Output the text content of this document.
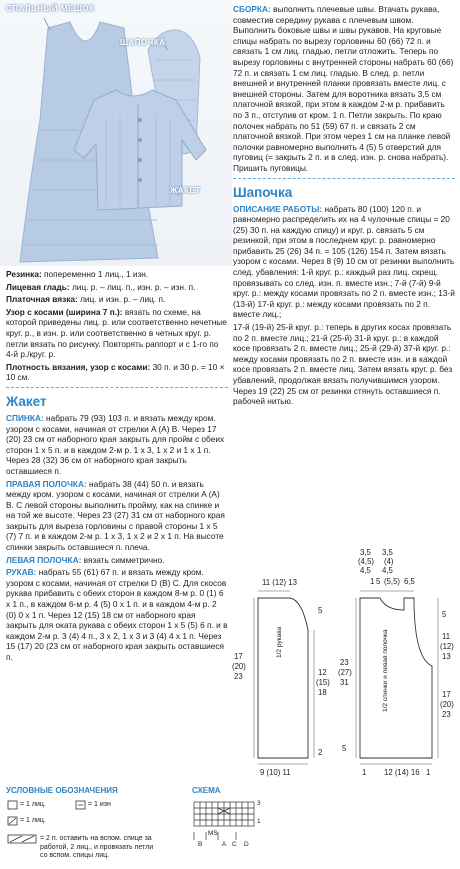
СПАЛЬНЫЙ МЕШОК
ШАПОЧКА
ЖАКЕТ

Резинка: попеременно 1 лиц., 1 изн.

Лицевая гладь: лиц. р. – лиц. п., изн. р. – изн. п.

Платочная вязка: лиц. и изн. р. – лиц. п.

Узор с косами (ширина 7 п.): вязать по схеме, на которой приведены лиц. р. или соответственно нечетные круг. р., в изн. р. или соответственно в четных круг. р. петли вязать по рисунку. Повторять раппорт и с 1-го по 4-й р./круг. р.

Плотность вязания, узор с косами: 30 п. и 30 р. = 10 × 10 см.

Жакет

СПИНКА: набрать 79 (93) 103 п. и вязать между кром. узором с косами, начиная от стрелки A (A) B. Через 17 (20) 23 см от наборного края закрыть для пройм с обеих сторон 1 х 5 п. и в каждом 2-м р. 1 х 3, 1 х 2 и 1 х 1 п. Через 28 (32) 36 см от наборного края закрыть оставшиеся п.

ПРАВАЯ ПОЛОЧКА: набрать 38 (44) 50 п. и вязать между кром. узором с косами, начиная от стрелки A (A) B. С левой стороны выполнить пройму, как на спинке и на той же высоте. Через 23 (27) 31 см от наборного края закрыть для выреза горловины с правой стороны 1 х 5 (7) 7 п. и в каждом 2-м р. 1 х 3, 1 х 2 и 2 х 1 п. На высоте спинки закрыть оставшиеся п. плеча.

ЛЕВАЯ ПОЛОЧКА: вязать симметрично.

РУКАВ: набрать 55 (61) 67 п. и вязать между кром. узором с косами, начиная от стрелки D (B) C. Для скосов рукава прибавить с обеих сторон в каждом 8-м р. 0 (1) 6 х 1 п., в каждом 6-м р. 4 (5) 0 х 1 п. и в каждом 4-м р. 2 (0) 0 х 1 п. Через 12 (15) 18 см от наборного края закрыть для оката рукава с обеих сторон 1 х 5 (5) 6 п. и в каждом 2-м р. 3 (4) 4 п., 3 х 2, 1 х 3 и 3 (4) 4 х 1 п. Через 15 (17) 20 (23 см от наборного края закрыть оставшиеся п.

УСЛОВНЫЕ ОБОЗНАЧЕНИЯ
= 1 лиц.	= 1 изн
= 1 лиц.
= 2 п. оставить на вспом. спице за работой, 2 лиц., и провязать петли со вспом. спицы лиц.
СХЕМА
3
1
B
MS
A C D

СБОРКА: выполнить плечевые швы. Втачать рукава, совместив середину рукава с плечевым швом. Выполнить боковые швы и швы рукавов. На круговые спицы набрать по вырезу горловины 60 (66) 72 п. и связать 1 см лиц. гладью, петли отложить. Теперь по вырезу горловины с внутренней стороны набрать 60 (66) 72 п. и связать 1 см лиц. гладью. В след. р. петли внешней и внутренней планки провязать вместе лиц. с внешней стороны. Затем для воротника вязать 3,5 см платочной вязкой, при этом в каждом 2-м р. прибавить по 3 п., отступив от кром. 1 п. Петли закрыть. По краю полочек набрать по 51 (59) 67 п. и связать 2 см платочной вязкой. При этом через 1 см на планке левой полочки равномерно выполнить 4 (5) 5 отверстий для пуговиц (= закрыть 2 п. и в след. изн. р. снова набрать). Пришить пуговицы.

Шапочка

ОПИСАНИЕ РАБОТЫ: набрать 80 (100) 120 п. и равномерно распределить их на 4 чулочные спицы = 20 (25) 30 п. на каждую спицу) и круг. р. связать 5 см резинкой, при этом в последнем круг. р. равномерно прибавить 25 (26) 34 п. = 105 (126) 154 п. Затем вязать узором с косами. Через 8 (9) 10 см от резинки выполнить след. убавления: 1-й круг. р.: каждый раз лиц. скрещ. провязывать со след. изн. п. вместе изн.; 7-й (7-й) 9-й круг. р.: между косами провязать по 2 п. вместе изн.; 13-й (13-й) 17-й круг. р.: между косами провязать по 2 п. вместе лиц.;

17-й (19-й) 25-й круг. р.: теперь в других косах провязать по 2 п. вместе лиц.; 21-й (25-й) 31-й круг. р.: в каждой косе провязать 2 п. вместе лиц.; 25-й (29-й) 37-й круг. р.: между косами провязать по 2 п. вместе изн. и в каждой косе провязать 2 п. вместе лиц. Затем вязать круг. р. без убавлений, продолжая вязать получившимся узором. Через 19 (22) 25 см от резинки стянуть оставшиеся п. рабочей нитью.

11 (12) 13
1/2 рукава
17
(20)
23
5
12
(15)
18
9 (10) 11
2
3,5
(4,5)
4,5
3,5
(4)
4,5
5 (5,5) 6,5
1
1/2 спинки и левая полочка
5
11
(12)
13
23
(27)
31
17
(20)
23
5
1 12 (14) 16 1
